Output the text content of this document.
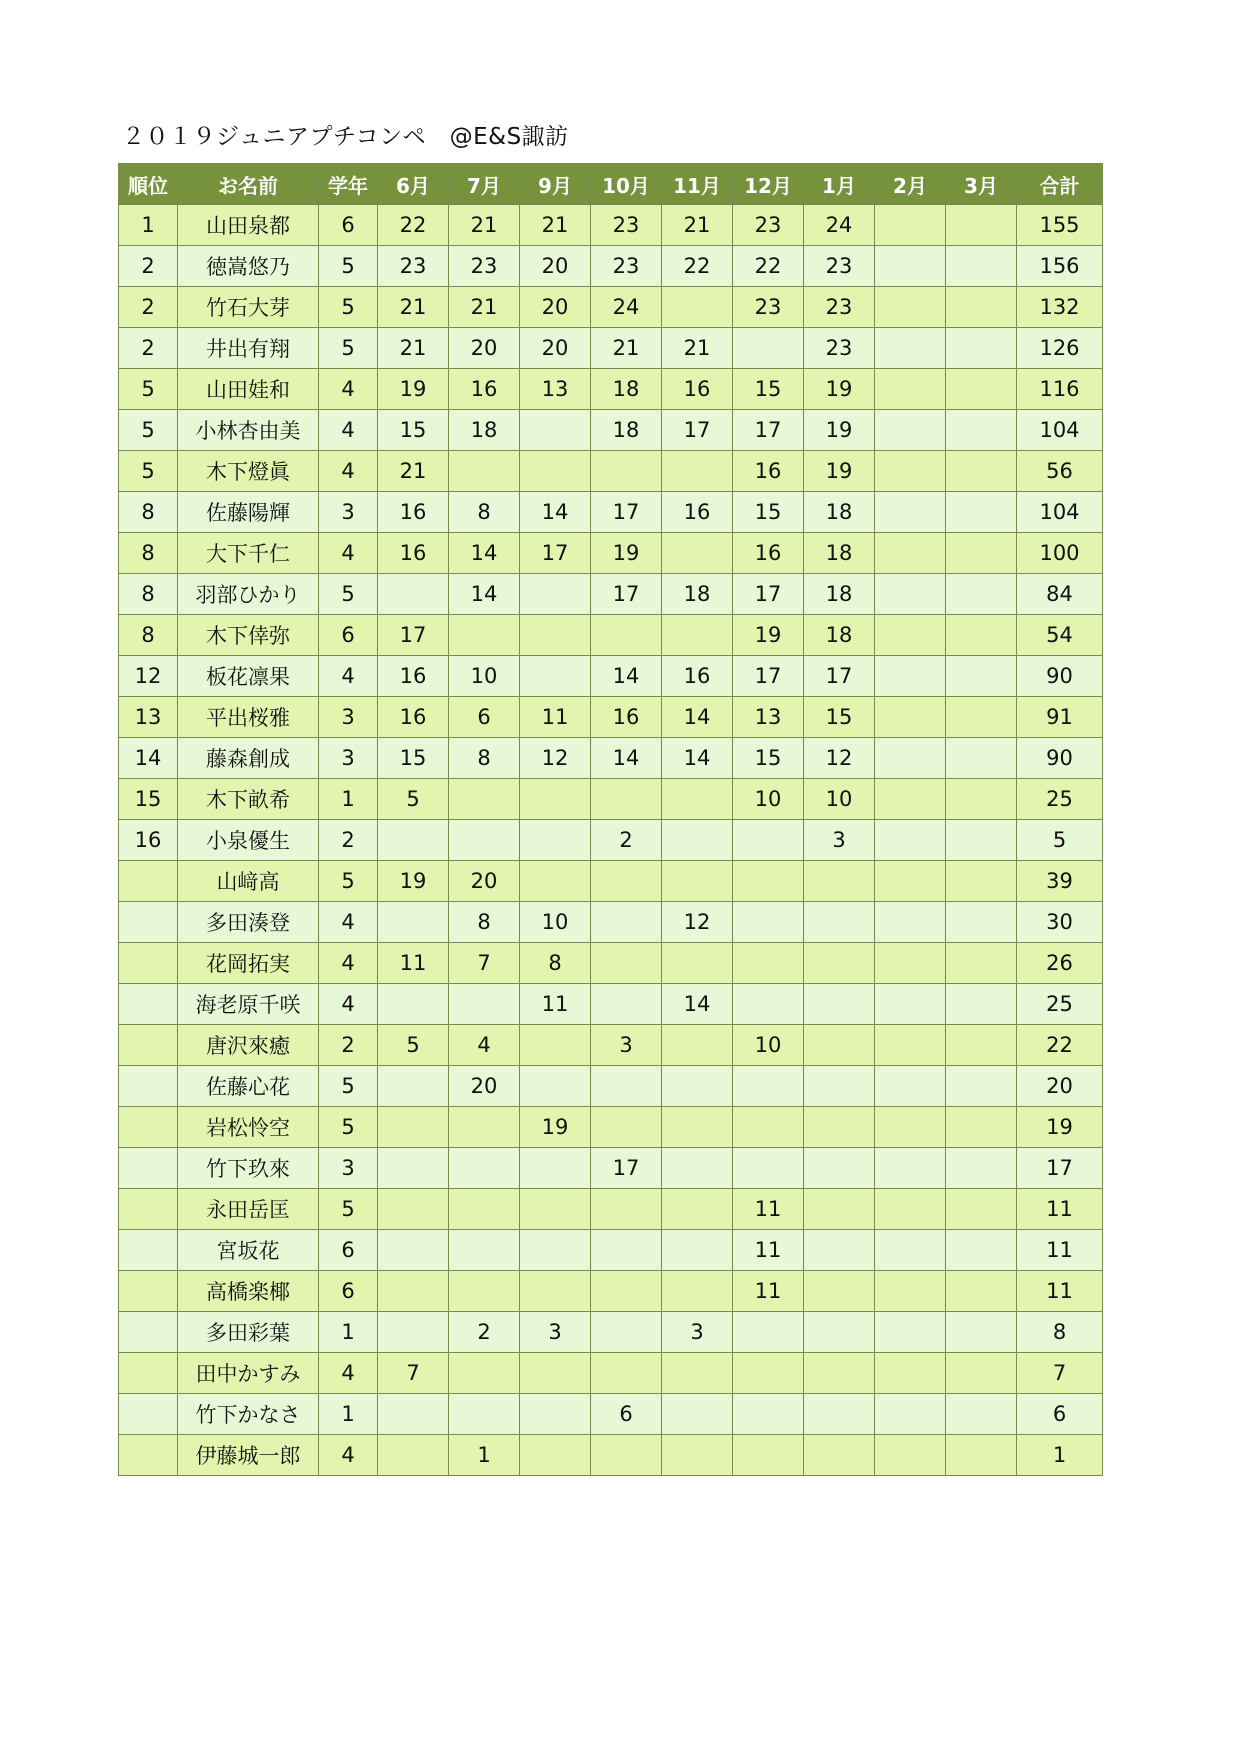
２０１９ジュニアプチコンペ　@E&S諏訪
順位	お名前	学年	6月	7月	9月	10月	11月	12月	1月	2月	3月	合計
1	山田泉都	6	22	21	21	23	21	23	24			155
2	徳嵩悠乃	5	23	23	20	23	22	22	23			156
2	竹石大芽	5	21	21	20	24		23	23			132
2	井出有翔	5	21	20	20	21	21		23			126
5	山田娃和	4	19	16	13	18	16	15	19			116
5	小林杏由美	4	15	18		18	17	17	19			104
5	木下燈眞	4	21					16	19			56
8	佐藤陽輝	3	16	8	14	17	16	15	18			104
8	大下千仁	4	16	14	17	19		16	18			100
8	羽部ひかり	5		14		17	18	17	18			84
8	木下倖弥	6	17					19	18			54
12	板花凛果	4	16	10		14	16	17	17			90
13	平出桜雅	3	16	6	11	16	14	13	15			91
14	藤森創成	3	15	8	12	14	14	15	12			90
15	木下畝希	1	5					10	10			25
16	小泉優生	2				2			3			5
	山﨑高	5	19	20								39
	多田湊登	4		8	10		12					30
	花岡拓実	4	11	7	8							26
	海老原千咲	4			11		14					25
	唐沢來癒	2	5	4		3		10				22
	佐藤心花	5		20								20
	岩松怜空	5			19							19
	竹下玖來	3				17						17
	永田岳匡	5						11				11
	宮坂花	6						11				11
	高橋楽椰	6						11				11
	多田彩葉	1		2	3		3					8
	田中かすみ	4	7									7
	竹下かなさ	1				6						6
	伊藤城一郎	4		1								1
